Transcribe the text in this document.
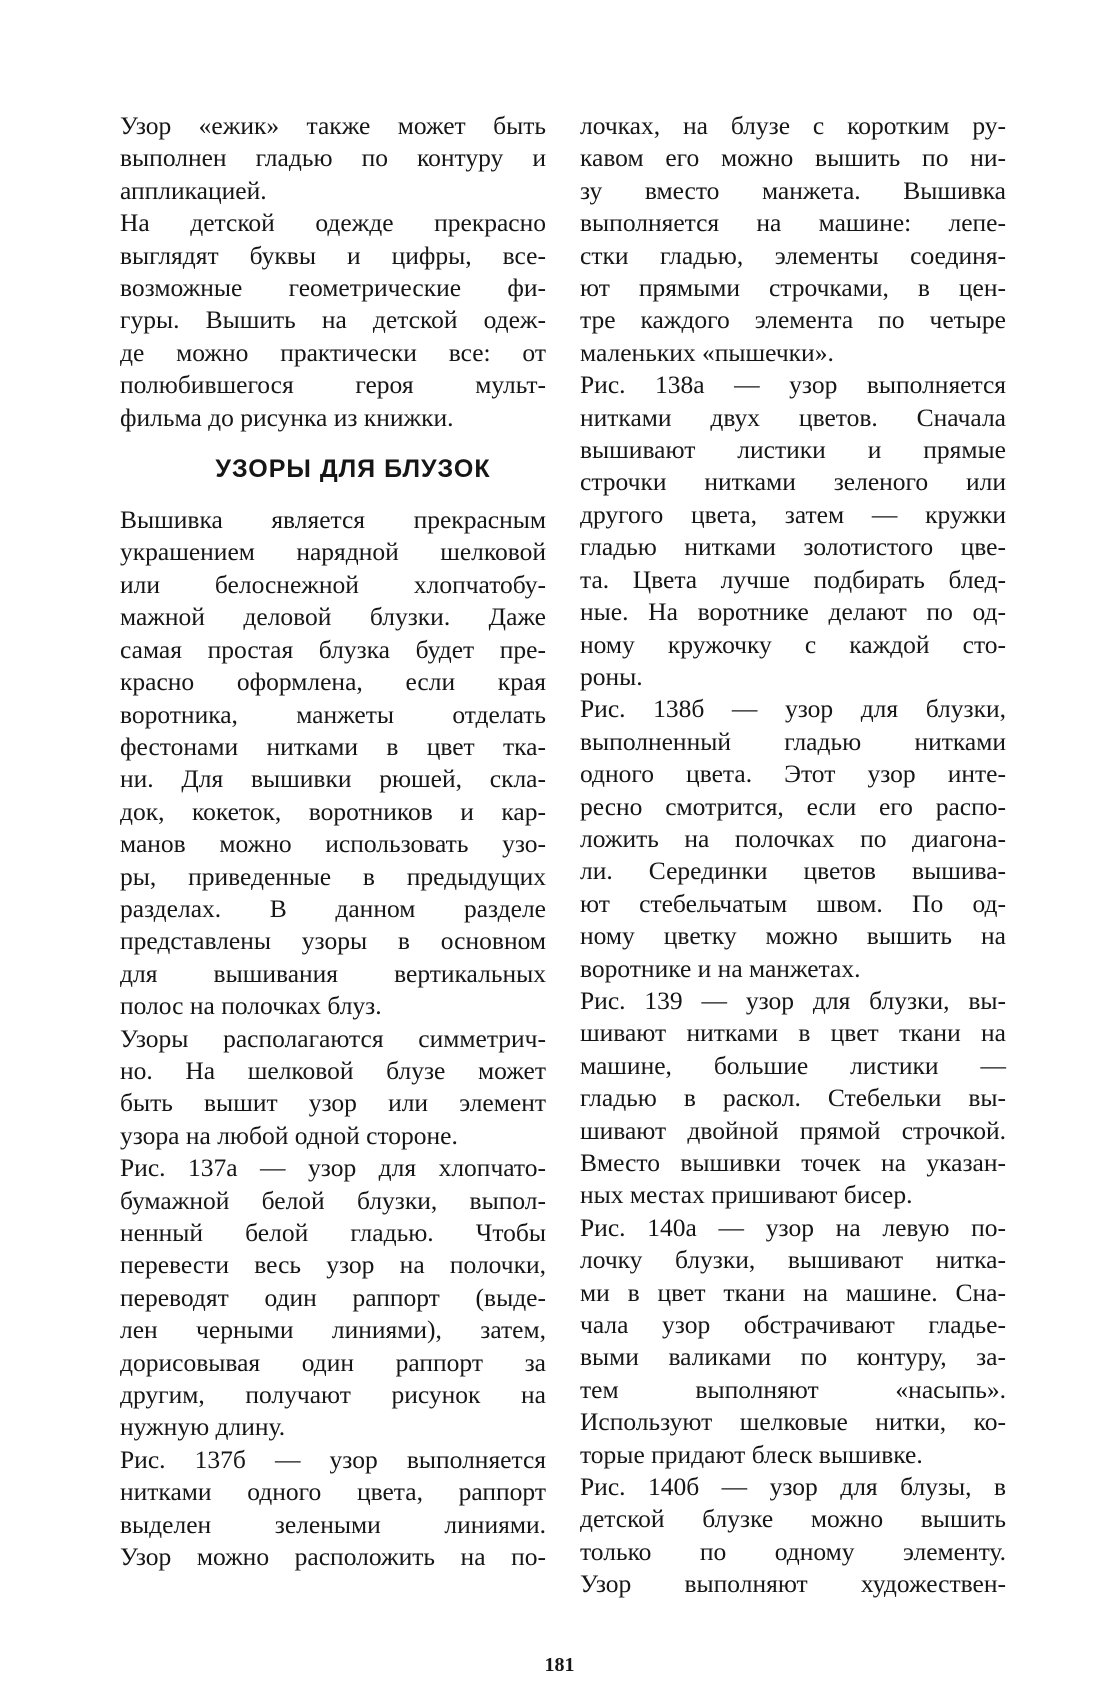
Узор «ежик» также может быть
выполнен гладью по контуру и
аппликацией.
На детской одежде прекрасно
выглядят буквы и цифры, все-
возможные геометрические фи-
гуры. Вышить на детской одеж-
де можно практически все: от
полюбившегося героя мульт-
фильма до рисунка из книжки.
УЗОРЫ ДЛЯ БЛУЗОК
Вышивка является прекрасным
украшением нарядной шелковой
или белоснежной хлопчатобу-
мажной деловой блузки. Даже
самая простая блузка будет пре-
красно оформлена, если края
воротника, манжеты отделать
фестонами нитками в цвет тка-
ни. Для вышивки рюшей, скла-
док, кокеток, воротников и кар-
манов можно использовать узо-
ры, приведенные в предыдущих
разделах. В данном разделе
представлены узоры в основном
для вышивания вертикальных
полос на полочках блуз.
Узоры располагаются симметрич-
но. На шелковой блузе может
быть вышит узор или элемент
узора на любой одной стороне.
Рис. 137а — узор для хлопчато-
бумажной белой блузки, выпол-
ненный белой гладью. Чтобы
перевести весь узор на полочки,
переводят один раппорт (выде-
лен черными линиями), затем,
дорисовывая один раппорт за
другим, получают рисунок на
нужную длину.
Рис. 137б — узор выполняется
нитками одного цвета, раппорт
выделен зелеными линиями.
Узор можно расположить на по-
лочках, на блузе с коротким ру-
кавом его можно вышить по ни-
зу вместо манжета. Вышивка
выполняется на машине: лепе-
стки гладью, элементы соединя-
ют прямыми строчками, в цен-
тре каждого элемента по четыре
маленьких «пышечки».
Рис. 138а — узор выполняется
нитками двух цветов. Сначала
вышивают листики и прямые
строчки нитками зеленого или
другого цвета, затем — кружки
гладью нитками золотистого цве-
та. Цвета лучше подбирать блед-
ные. На воротнике делают по од-
ному кружочку с каждой сто-
роны.
Рис. 138б — узор для блузки,
выполненный гладью нитками
одного цвета. Этот узор инте-
ресно смотрится, если его распо-
ложить на полочках по диагона-
ли. Серединки цветов вышива-
ют стебельчатым швом. По од-
ному цветку можно вышить на
воротнике и на манжетах.
Рис. 139 — узор для блузки, вы-
шивают нитками в цвет ткани на
машине, большие листики —
гладью в раскол. Стебельки вы-
шивают двойной прямой строчкой.
Вместо вышивки точек на указан-
ных местах пришивают бисер.
Рис. 140а — узор на левую по-
лочку блузки, вышивают нитка-
ми в цвет ткани на машине. Сна-
чала узор обстрачивают гладье-
выми валиками по контуру, за-
тем выполняют «насыпь».
Используют шелковые нитки, ко-
торые придают блеск вышивке.
Рис. 140б — узор для блузы, в
детской блузке можно вышить
только по одному элементу.
Узор выполняют художествен-
181
